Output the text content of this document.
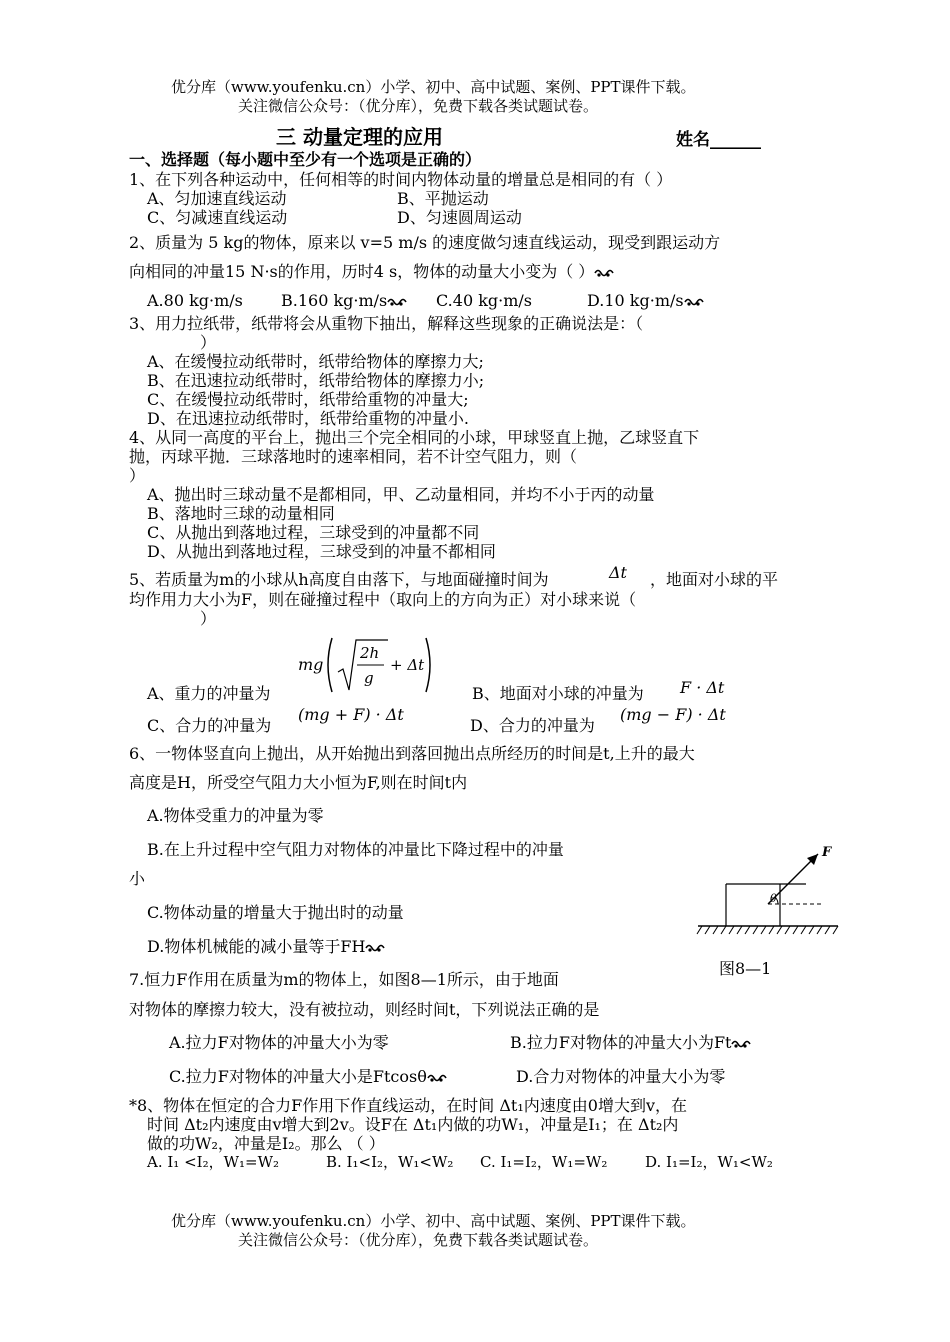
优分库（www.youfenku.cn）小学、初中、高中试题、案例、PPT课件下载。
关注微信公众号：（优分库），免费下载各类试题试卷。
三 动量定理的应用	姓名______
一、选择题（每小题中至少有一个选项是正确的）
1、在下列各种运动中，任何相等的时间内物体动量的增量总是相同的有（ ）
A、匀加速直线运动	B、平抛运动
C、匀减速直线运动	D、匀速圆周运动
2、质量为 5 kg的物体，原来以 v=5 m/s 的速度做匀速直线运动，现受到跟运动方
向相同的冲量15 N·s的作用，历时4 s，物体的动量大小变为（ ）
A.80 kg·m/s B.160 kg·m/s	C.40 kg·m/s	D.10 kg·m/s
3、用力拉纸带，纸带将会从重物下抽出，解释这些现象的正确说法是：（
）
A、在缓慢拉动纸带时，纸带给物体的摩擦力大;
B、在迅速拉动纸带时，纸带给物体的摩擦力小;
C、在缓慢拉动纸带时，纸带给重物的冲量大;
D、在迅速拉动纸带时，纸带给重物的冲量小.
4、从同一高度的平台上，抛出三个完全相同的小球，甲球竖直上抛，乙球竖直下
抛，丙球平抛．三球落地时的速率相同，若不计空气阻力，则（
）
A、抛出时三球动量不是都相同，甲、乙动量相同，并均不小于丙的动量
B、落地时三球的动量相同
C、从抛出到落地过程，三球受到的冲量都不同
D、从抛出到落地过程，三球受到的冲量不都相同
5、若质量为m的小球从h高度自由落下，与地面碰撞时间为	Δt ，地面对小球的平
均作用力大小为F，则在碰撞过程中（取向上的方向为正）对小球来说（
）
mg
2h
g
+ Δt
A、重力的冲量为	B、地面对小球的冲量为 F · Δt
C、合力的冲量为
(mg + F) · Δt
D、合力的冲量为
(mg − F) · Δt
6、一物体竖直向上抛出，从开始抛出到落回抛出点所经历的时间是t,上升的最大
高度是H，所受空气阻力大小恒为F,则在时间t内
A.物体受重力的冲量为零
B.在上升过程中空气阻力对物体的冲量比下降过程中的冲量
小
C.物体动量的增量大于抛出时的动量
D.物体机械能的减小量等于FH
F
θ
图8—1
7.恒力F作用在质量为m的物体上，如图8—1所示，由于地面
对物体的摩擦力较大，没有被拉动，则经时间t，下列说法正确的是
A.拉力F对物体的冲量大小为零	B.拉力F对物体的冲量大小为Ft
C.拉力F对物体的冲量大小是Ftcosθ	D.合力对物体的冲量大小为零
*8、物体在恒定的合力F作用下作直线运动，在时间 Δt₁内速度由0增大到v，在
时间 Δt₂内速度由v增大到2v。设F在 Δt₁内做的功W₁，冲量是I₁；在 Δt₂内
做的功W₂，冲量是I₂。那么 （ ）
A. I₁ <I₂，W₁=W₂	B. I₁<I₂，W₁<W₂ C. I₁=I₂，W₁=W₂	D. I₁=I₂，W₁<W₂
优分库（www.youfenku.cn）小学、初中、高中试题、案例、PPT课件下载。
关注微信公众号：（优分库），免费下载各类试题试卷。
